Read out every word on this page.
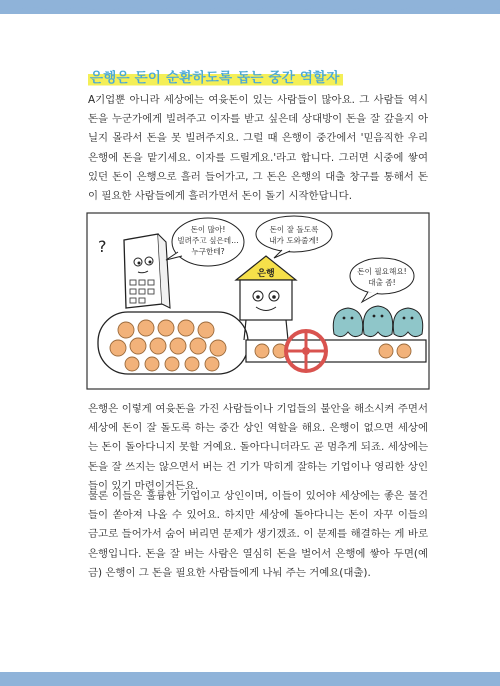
은행은 돈이 순환하도록 돕는 중간 역할자

A기업뿐 아니라 세상에는 여윳돈이 있는 사람들이 많아요. 그 사람들 역시 돈을 누군가에게 빌려주고 이자를 받고 싶은데 상대방이 돈을 잘 갚을지 아닐지 몰라서 돈을 못 빌려주지요. 그럴 때 은행이 중간에서 '믿음직한 우리 은행에 돈을 맡기세요. 이자를 드릴게요.'라고 합니다. 그러면 시중에 쌓여 있던 돈이 은행으로 흘러 들어가고, 그 돈은 은행의 대출 창구를 통해서 돈이 필요한 사람들에게 흘러가면서 돈이 돌기 시작한답니다.

?
돈이 많아!
빌려주고 싶은데…
누구한테?
은행
돈이 잘 돌도록
내가 도와줄게!
돈이 필요해요!
대출 좀!

은행은 이렇게 여윳돈을 가진 사람들이나 기업들의 불안을 해소시켜 주면서 세상에 돈이 잘 돌도록 하는 중간 상인 역할을 해요. 은행이 없으면 세상에는 돈이 돌아다니지 못할 거예요. 돌아다니더라도 곧 멈추게 되죠. 세상에는 돈을 잘 쓰지는 않으면서 버는 건 기가 막히게 잘하는 기업이나 영리한 상인들이 있기 마련이거든요.

물론 이들은 훌륭한 기업이고 상인이며, 이들이 있어야 세상에는 좋은 물건들이 쏟아져 나올 수 있어요. 하지만 세상에 돌아다니는 돈이 자꾸 이들의 금고로 들어가서 숨어 버리면 문제가 생기겠죠. 이 문제를 해결하는 게 바로 은행입니다. 돈을 잘 버는 사람은 열심히 돈을 벌어서 은행에 쌓아 두면(예금) 은행이 그 돈을 필요한 사람들에게 나눠 주는 거예요(대출).
